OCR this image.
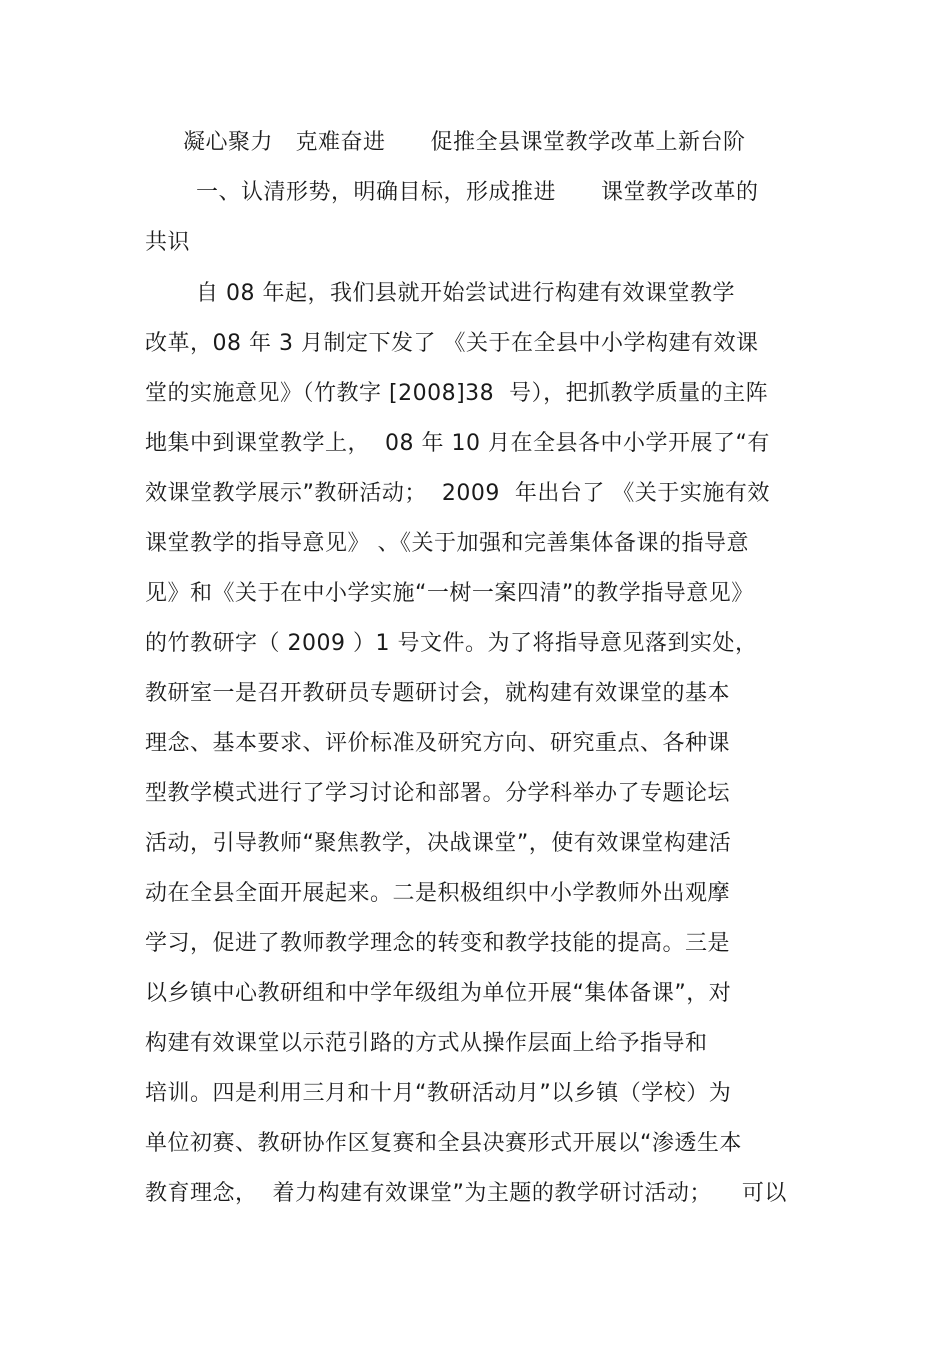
凝心聚力　克难奋进　　促推全县课堂教学改革上新台阶
一、认清形势，明确目标，形成推进　　课堂教学改革的
共识
自 08 年起，我们县就开始尝试进行构建有效课堂教学
改革，08 年 3 月制定下发了 《关于在全县中小学构建有效课
堂的实施意见》（竹教字 [2008]38  号），把抓教学质量的主阵
地集中到课堂教学上，  08 年 10 月在全县各中小学开展了“有
效课堂教学展示”教研活动；  2009  年出台了 《关于实施有效
课堂教学的指导意见》 、《关于加强和完善集体备课的指导意
见》和《关于在中小学实施“一树一案四清”的教学指导意见》
的竹教研字（ 2009 ）1 号文件。为了将指导意见落到实处，
教研室一是召开教研员专题研讨会，就构建有效课堂的基本
理念、基本要求、评价标准及研究方向、研究重点、各种课
型教学模式进行了学习讨论和部署。分学科举办了专题论坛
活动，引导教师“聚焦教学，决战课堂”，使有效课堂构建活
动在全县全面开展起来。二是积极组织中小学教师外出观摩
学习，促进了教师教学理念的转变和教学技能的提高。三是
以乡镇中心教研组和中学年级组为单位开展“集体备课”，对
构建有效课堂以示范引路的方式从操作层面上给予指导和
培训。四是利用三月和十月“教研活动月”以乡镇（学校）为
单位初赛、教研协作区复赛和全县决赛形式开展以“渗透生本
教育理念，  着力构建有效课堂”为主题的教学研讨活动；    可以
